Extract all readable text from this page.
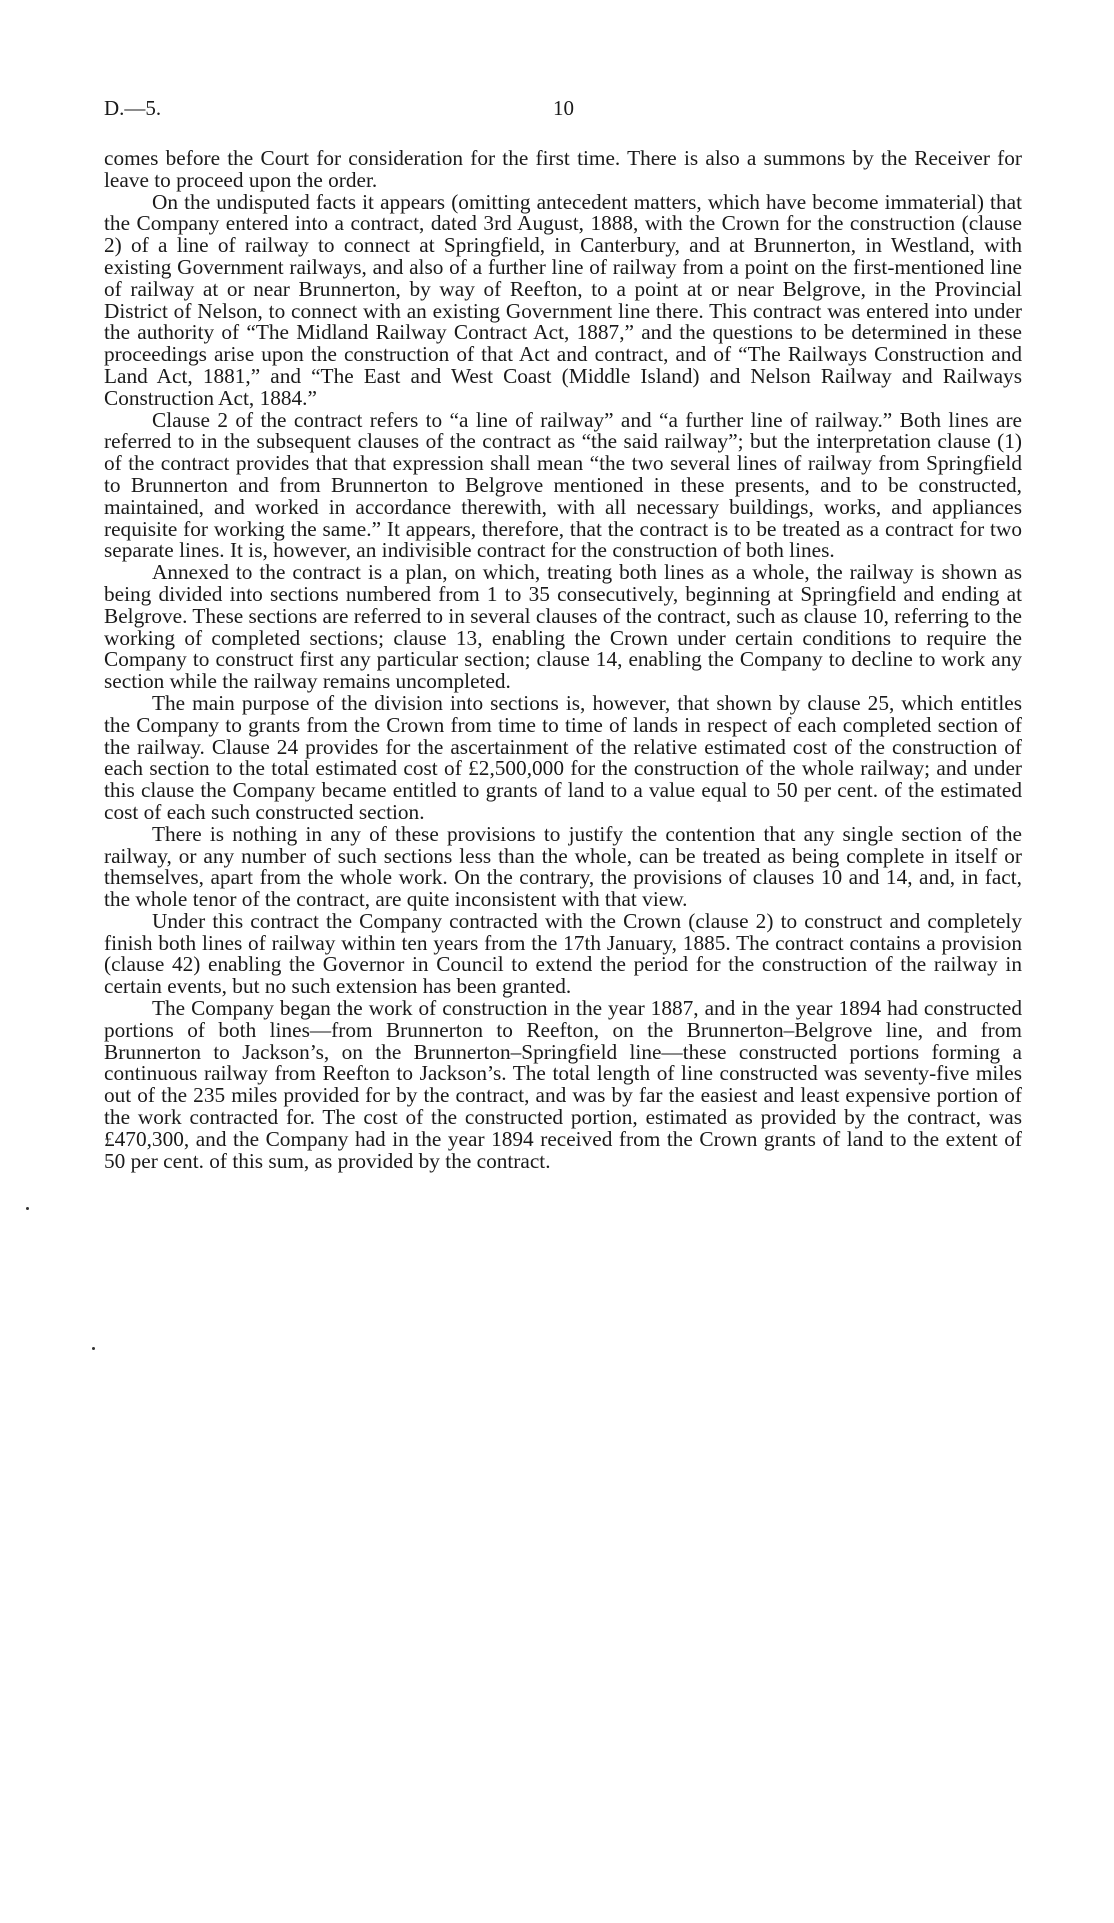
D.—5.	10

comes before the Court for consideration for the first time. There is also a summons by the Receiver for leave to proceed upon the order.

On the undisputed facts it appears (omitting antecedent matters, which have become immaterial) that the Company entered into a contract, dated 3rd August, 1888, with the Crown for the construction (clause 2) of a line of railway to connect at Springfield, in Canterbury, and at Brunnerton, in Westland, with existing Government railways, and also of a further line of railway from a point on the first-mentioned line of railway at or near Brunnerton, by way of Reefton, to a point at or near Belgrove, in the Provincial District of Nelson, to connect with an existing Government line there. This contract was entered into under the authority of “The Midland Railway Contract Act, 1887,” and the questions to be determined in these proceedings arise upon the construction of that Act and contract, and of “The Railways Construction and Land Act, 1881,” and “The East and West Coast (Middle Island) and Nelson Railway and Railways Construction Act, 1884.”

Clause 2 of the contract refers to “a line of railway” and “a further line of railway.” Both lines are referred to in the subsequent clauses of the contract as “the said railway”; but the interpretation clause (1) of the contract provides that that expression shall mean “the two several lines of railway from Springfield to Brunnerton and from Brunnerton to Belgrove mentioned in these presents, and to be constructed, maintained, and worked in accordance therewith, with all necessary buildings, works, and appliances requisite for working the same.” It appears, therefore, that the contract is to be treated as a contract for two separate lines. It is, however, an indivisible contract for the construction of both lines.

Annexed to the contract is a plan, on which, treating both lines as a whole, the railway is shown as being divided into sections numbered from 1 to 35 consecutively, beginning at Springfield and ending at Belgrove. These sections are referred to in several clauses of the contract, such as clause 10, referring to the working of completed sections; clause 13, enabling the Crown under certain conditions to require the Company to construct first any particular section; clause 14, enabling the Company to decline to work any section while the railway remains uncompleted.

The main purpose of the division into sections is, however, that shown by clause 25, which entitles the Company to grants from the Crown from time to time of lands in respect of each completed section of the railway. Clause 24 provides for the ascertainment of the relative estimated cost of the construction of each section to the total estimated cost of £2,500,000 for the construction of the whole railway; and under this clause the Company became entitled to grants of land to a value equal to 50 per cent. of the estimated cost of each such constructed section.

There is nothing in any of these provisions to justify the contention that any single section of the railway, or any number of such sections less than the whole, can be treated as being complete in itself or themselves, apart from the whole work. On the contrary, the provisions of clauses 10 and 14, and, in fact, the whole tenor of the contract, are quite inconsistent with that view.

Under this contract the Company contracted with the Crown (clause 2) to construct and completely finish both lines of railway within ten years from the 17th January, 1885. The contract contains a provision (clause 42) enabling the Governor in Council to extend the period for the construction of the railway in certain events, but no such extension has been granted.

The Company began the work of construction in the year 1887, and in the year 1894 had constructed portions of both lines—from Brunnerton to Reefton, on the Brunnerton–Belgrove line, and from Brunnerton to Jackson’s, on the Brunnerton–Springfield line—these constructed portions forming a continuous railway from Reefton to Jackson’s. The total length of line constructed was seventy-five miles out of the 235 miles provided for by the contract, and was by far the easiest and least expensive portion of the work contracted for. The cost of the constructed portion, estimated as provided by the contract, was £470,300, and the Company had in the year 1894 received from the Crown grants of land to the extent of 50 per cent. of this sum, as provided by the contract.
